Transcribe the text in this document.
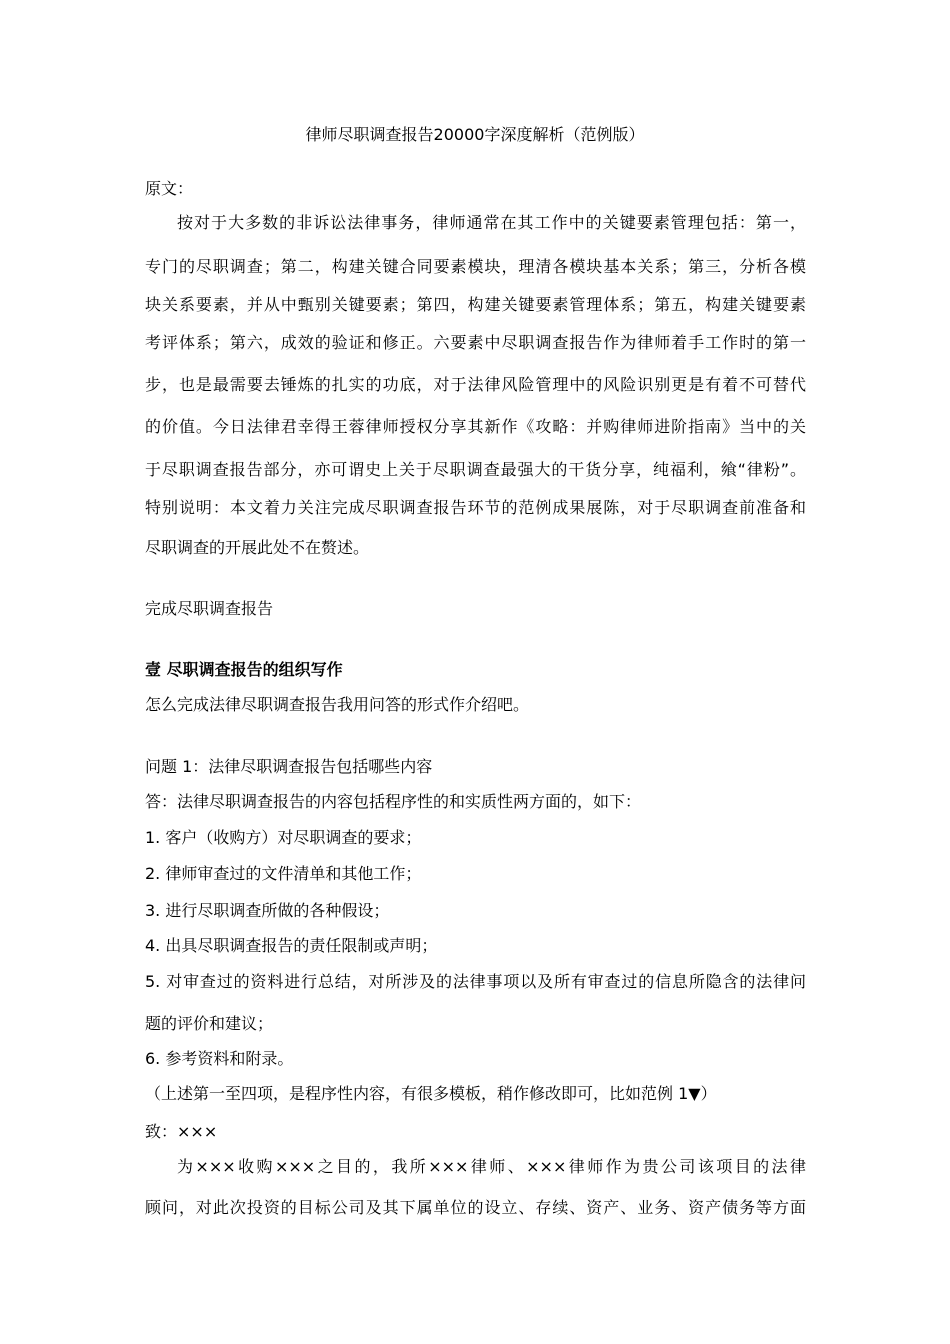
律师尽职调查报告20000字深度解析（范例版）
原文：
按对于大多数的非诉讼法律事务，律师通常在其工作中的关键要素管理包括：第一，
专门的尽职调查；第二，构建关键合同要素模块，理清各模块基本关系；第三，分析各模
块关系要素，并从中甄别关键要素；第四，构建关键要素管理体系；第五，构建关键要素
考评体系；第六，成效的验证和修正。六要素中尽职调查报告作为律师着手工作时的第一
步，也是最需要去锤炼的扎实的功底，对于法律风险管理中的风险识别更是有着不可替代
的价值。今日法律君幸得王蓉律师授权分享其新作《攻略：并购律师进阶指南》当中的关
于尽职调查报告部分，亦可谓史上关于尽职调查最强大的干货分享，纯福利，飨“律粉”。
特别说明：本文着力关注完成尽职调查报告环节的范例成果展陈，对于尽职调查前准备和
尽职调查的开展此处不在赘述。
完成尽职调查报告
壹 尽职调查报告的组织写作
怎么完成法律尽职调查报告我用问答的形式作介绍吧。
问题 1：法律尽职调查报告包括哪些内容
答：法律尽职调查报告的内容包括程序性的和实质性两方面的，如下：
1. 客户（收购方）对尽职调查的要求；
2. 律师审查过的文件清单和其他工作；
3. 进行尽职调查所做的各种假设；
4. 出具尽职调查报告的责任限制或声明；
5. 对审查过的资料进行总结，对所涉及的法律事项以及所有审查过的信息所隐含的法律问
题的评价和建议；
6. 参考资料和附录。
（上述第一至四项，是程序性内容，有很多模板，稍作修改即可，比如范例 1▼）
致：×××
为×××收购×××之目的，我所×××律师、×××律师作为贵公司该项目的法律
顾问，对此次投资的目标公司及其下属单位的设立、存续、资产、业务、资产债务等方面
